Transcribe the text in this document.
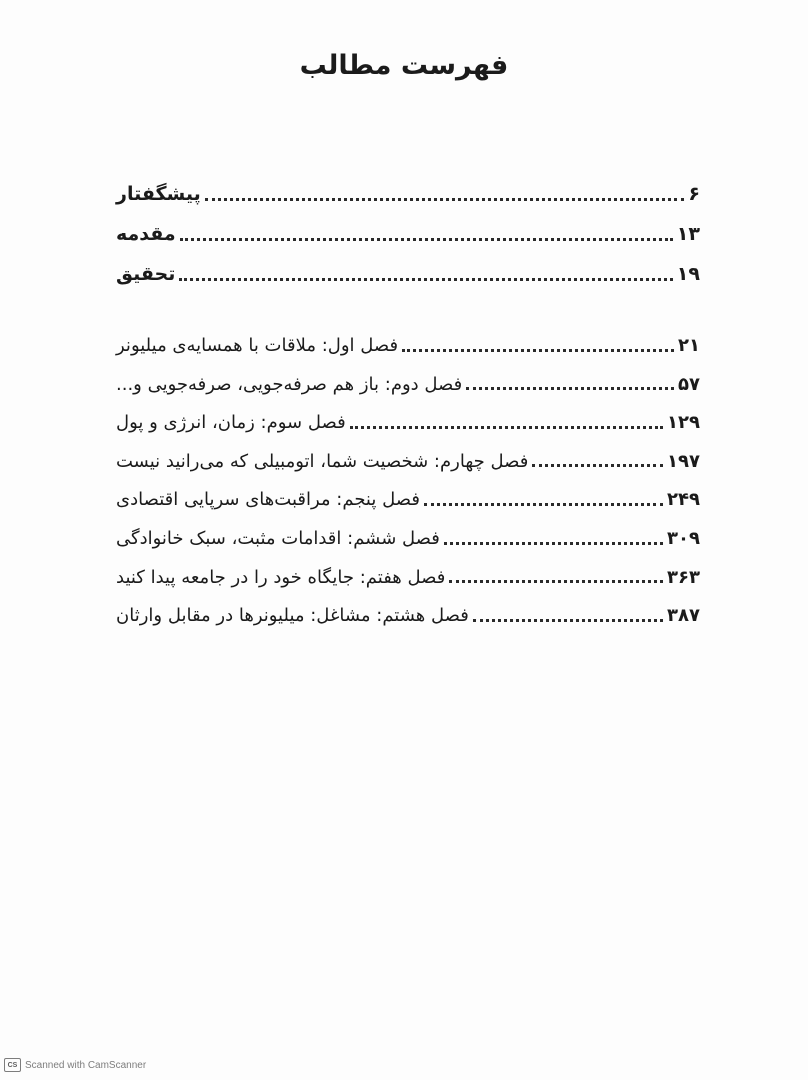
فهرست مطالب
پیشگفتار	۶
مقدمه	۱۳
تحقیق	۱۹
فصل اول: ملاقات با همسایه‌ی میلیونر	۲۱
فصل دوم: باز هم صرفه‌جویی، صرفه‌جویی و...	۵۷
فصل سوم: زمان، انرژی و پول	۱۲۹
فصل چهارم: شخصیت شما، اتومبیلی که می‌رانید نیست	۱۹۷
فصل پنجم: مراقبت‌های سرپایی اقتصادی	۲۴۹
فصل ششم: اقدامات مثبت، سبک خانوادگی	۳۰۹
فصل هفتم: جایگاه خود را در جامعه پیدا کنید	۳۶۳
فصل هشتم: مشاغل: میلیونرها در مقابل وارثان	۳۸۷
CS Scanned with CamScanner
